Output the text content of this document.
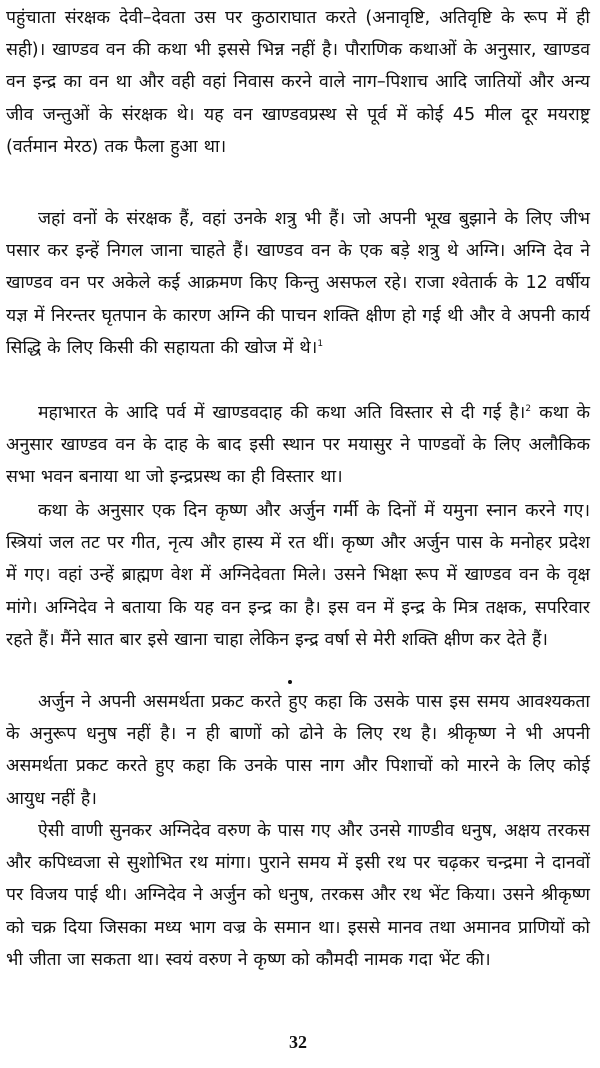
पहुंचाता संरक्षक देवी–देवता उस पर कुठाराघात करते (अनावृष्टि, अतिवृष्टि के रूप में ही सही)। खाण्डव वन की कथा भी इससे भिन्न नहीं है। पौराणिक कथाओं के अनुसार, खाण्डव वन इन्द्र का वन था और वही वहां निवास करने वाले नाग–पिशाच आदि जातियों और अन्य जीव जन्तुओं के संरक्षक थे। यह वन खाण्डवप्रस्थ से पूर्व में कोई 45 मील दूर मयराष्ट्र (वर्तमान मेरठ) तक फैला हुआ था।

जहां वनों के संरक्षक हैं, वहां उनके शत्रु भी हैं। जो अपनी भूख बुझाने के लिए जीभ पसार कर इन्हें निगल जाना चाहते हैं। खाण्डव वन के एक बड़े शत्रु थे अग्नि। अग्नि देव ने खाण्डव वन पर अकेले कई आक्रमण किए किन्तु असफल रहे। राजा श्वेतार्क के 12 वर्षीय यज्ञ में निरन्तर घृतपान के कारण अग्नि की पाचन शक्ति क्षीण हो गई थी और वे अपनी कार्य सिद्धि के लिए किसी की सहायता की खोज में थे।$^1$

महाभारत के आदि पर्व में खाण्डवदाह की कथा अति विस्तार से दी गई है।$^2$ कथा के अनुसार खाण्डव वन के दाह के बाद इसी स्थान पर मयासुर ने पाण्डवों के लिए अलौकिक सभा भवन बनाया था जो इन्द्रप्रस्थ का ही विस्तार था।

कथा के अनुसार एक दिन कृष्ण और अर्जुन गर्मी के दिनों में यमुना स्नान करने गए। स्त्रियां जल तट पर गीत, नृत्य और हास्य में रत थीं। कृष्ण और अर्जुन पास के मनोहर प्रदेश में गए। वहां उन्हें ब्राह्मण वेश में अग्निदेवता मिले। उसने भिक्षा रूप में खाण्डव वन के वृक्ष मांगे। अग्निदेव ने बताया कि यह वन इन्द्र का है। इस वन में इन्द्र के मित्र तक्षक, सपरिवार रहते हैं। मैंने सात बार इसे खाना चाहा लेकिन इन्द्र वर्षा से मेरी शक्ति क्षीण कर देते हैं।

अर्जुन ने अपनी असमर्थता प्रकट करते हुए कहा कि उसके पास इस समय आवश्यकता के अनुरूप धनुष नहीं है। न ही बाणों को ढोने के लिए रथ है। श्रीकृष्ण ने भी अपनी असमर्थता प्रकट करते हुए कहा कि उनके पास नाग और पिशाचों को मारने के लिए कोई आयुध नहीं है।

ऐसी वाणी सुनकर अग्निदेव वरुण के पास गए और उनसे गाण्डीव धनुष, अक्षय तरकस और कपिध्वजा से सुशोभित रथ मांगा। पुराने समय में इसी रथ पर चढ़कर चन्द्रमा ने दानवों पर विजय पाई थी। अग्निदेव ने अर्जुन को धनुष, तरकस और रथ भेंट किया। उसने श्रीकृष्ण को चक्र दिया जिसका मध्य भाग वज्र के समान था। इससे मानव तथा अमानव प्राणियों को भी जीता जा सकता था। स्वयं वरुण ने कृष्ण को कौमदी नामक गदा भेंट की।

32
